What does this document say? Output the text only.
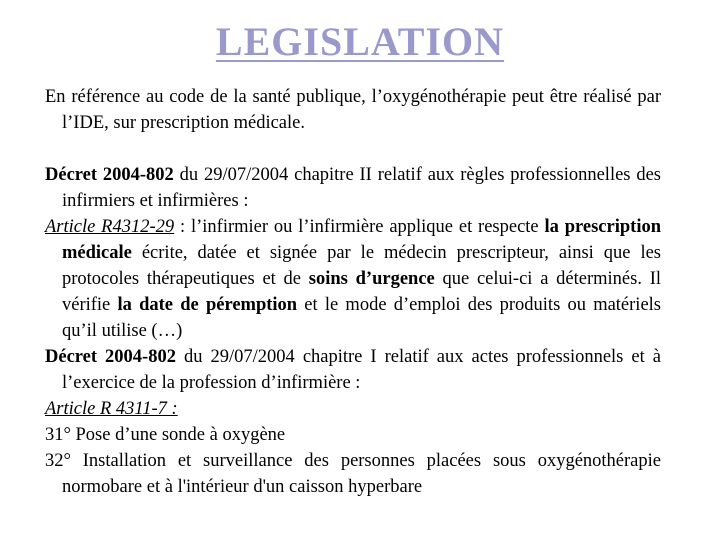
LEGISLATION

En référence au code de la santé publique, l’oxygénothérapie peut être réalisé par l’IDE, sur prescription médicale.

Décret 2004-802 du 29/07/2004 chapitre II relatif aux règles professionnelles des infirmiers et infirmières :

Article R4312-29 : l’infirmier ou l’infirmière applique et respecte la prescription médicale écrite, datée et signée par le médecin prescripteur, ainsi que les protocoles thérapeutiques et de soins d’urgence que celui-ci a déterminés. Il vérifie la date de péremption et le mode d’emploi des produits ou matériels qu’il utilise (…)

Décret 2004-802 du 29/07/2004 chapitre I relatif aux actes professionnels et à l’exercice de la profession d’infirmière :

Article R 4311-7 :

31° Pose d’une sonde à oxygène

32° Installation et surveillance des personnes placées sous oxygénothérapie normobare et à l'intérieur d'un caisson hyperbare
